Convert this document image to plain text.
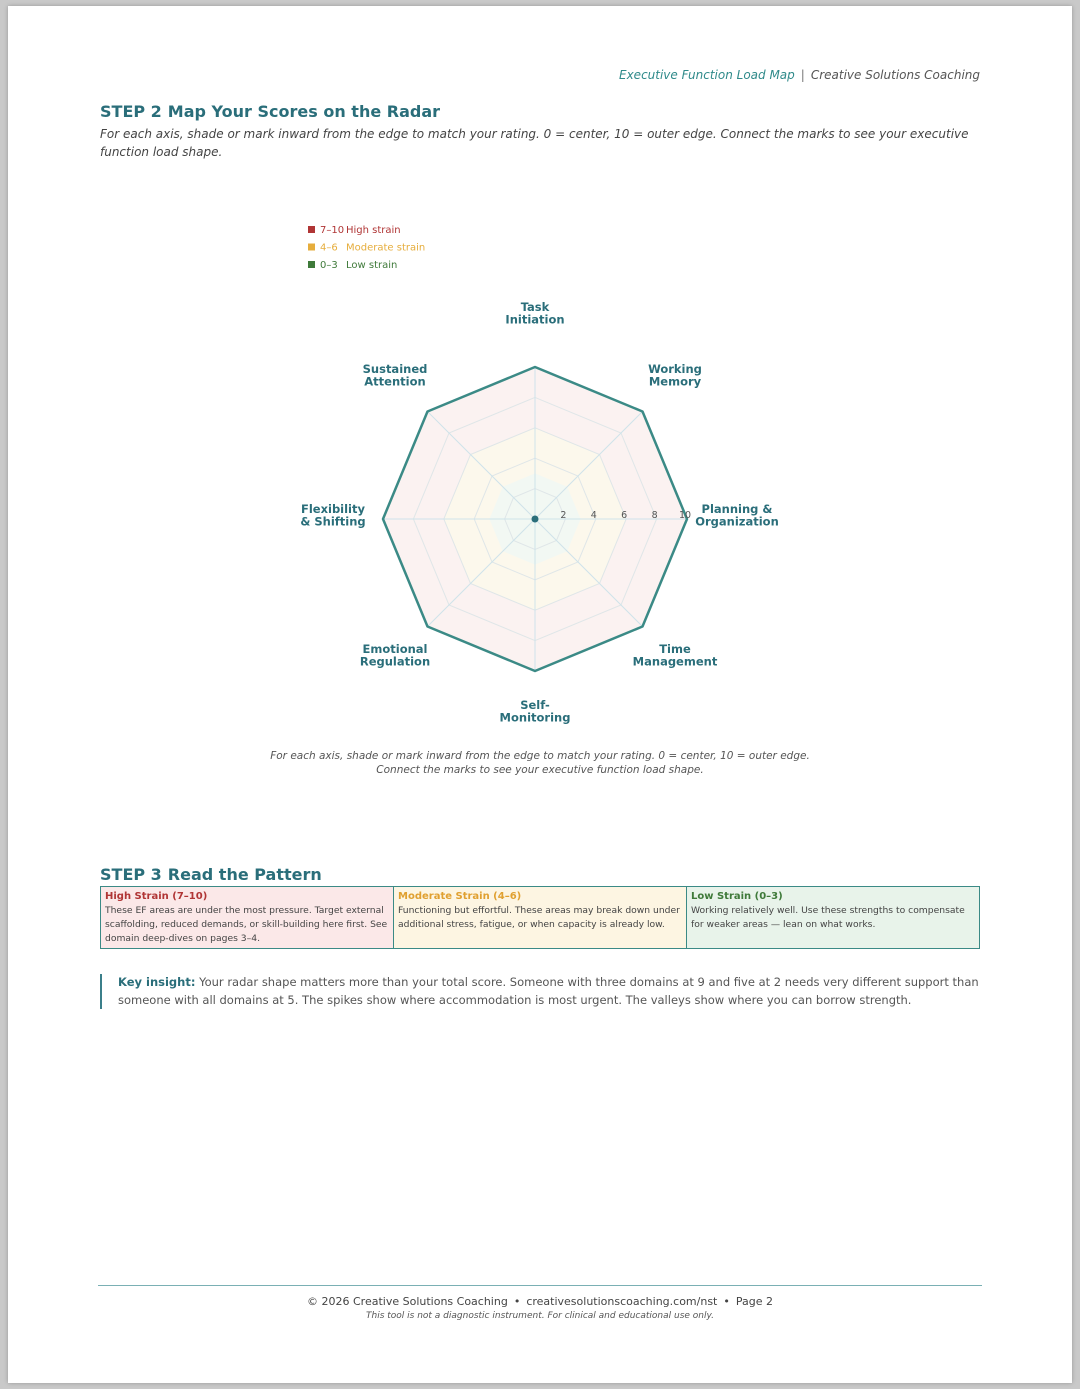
Executive Function Load Map | Creative Solutions Coaching
STEP 2 Map Your Scores on the Radar
For each axis, shade or mark inward from the edge to match your rating. 0 = center, 10 = outer edge. Connect the marks to see your executive function load shape.
2	4	6	8 10
Task Initiation
Working Memory
Planning & Organization
Time Management
Self-Monitoring
Emotional Regulation
Flexibility & Shifting
Sustained Attention
7–10 High strain
4–6 Moderate strain
0–3 Low strain
For each axis, shade or mark inward from the edge to match your rating. 0 = center, 10 = outer edge.
Connect the marks to see your executive function load shape.
STEP 3 Read the Pattern
High Strain (7–10)
These EF areas are under the most pressure. Target external scaffolding, reduced demands, or skill-building here first. See domain deep-dives on pages 3–4.
Moderate Strain (4–6)
Functioning but effortful. These areas may break down under additional stress, fatigue, or when capacity is already low.
Low Strain (0–3)
Working relatively well. Use these strengths to compensate for weaker areas — lean on what works.
Key insight: Your radar shape matters more than your total score. Someone with three domains at 9 and five at 2 needs very different support than someone with all domains at 5. The spikes show where accommodation is most urgent. The valleys show where you can borrow strength.
© 2026 Creative Solutions Coaching • creativesolutionscoaching.com/nst • Page 2
This tool is not a diagnostic instrument. For clinical and educational use only.
